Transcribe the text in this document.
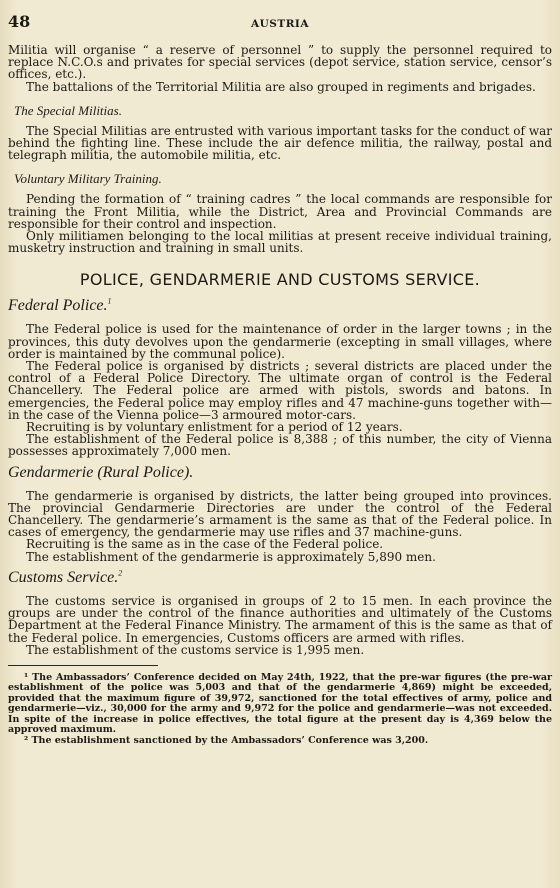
48	AUSTRIA

Militia will organise “ a reserve of personnel ” to supply the personnel required to replace N.C.O.s and privates for special services (depot service, station service, censor’s offices, etc.).

The battalions of the Territorial Militia are also grouped in regiments and brigades.

The Special Militias.

The Special Militias are entrusted with various important tasks for the conduct of war behind the fighting line. These include the air defence militia, the railway, postal and telegraph militia, the automobile militia, etc.

Voluntary Military Training.

Pending the formation of “ training cadres ” the local commands are responsible for training the Front Militia, while the District, Area and Provincial Commands are responsible for their control and inspection.

Only militiamen belonging to the local militias at present receive individual training, musketry instruction and training in small units.

POLICE, GENDARMERIE AND CUSTOMS SERVICE.
Federal Police.$^1$

The Federal police is used for the maintenance of order in the larger towns ; in the provinces, this duty devolves upon the gendarmerie (excepting in small villages, where order is maintained by the communal police).

The Federal police is organised by districts ; several districts are placed under the control of a Federal Police Directory. The ultimate organ of control is the Federal Chancellery. The Federal police are armed with pistols, swords and batons. In emergencies, the Federal police may employ rifles and 47 machine-guns together with—in the case of the Vienna police—3 armoured motor-cars.

Recruiting is by voluntary enlistment for a period of 12 years.

The establishment of the Federal police is 8,388 ; of this number, the city of Vienna possesses approximately 7,000 men.

Gendarmerie (Rural Police).

The gendarmerie is organised by districts, the latter being grouped into provinces. The provincial Gendarmerie Directories are under the control of the Federal Chancellery. The gendarmerie’s armament is the same as that of the Federal police. In cases of emergency, the gendarmerie may use rifles and 37 machine-guns.

Recruiting is the same as in the case of the Federal police.

The establishment of the gendarmerie is approximately 5,890 men.

Customs Service.$^2$

The customs service is organised in groups of 2 to 15 men. In each province the groups are under the control of the finance authorities and ultimately of the Customs Department at the Federal Finance Ministry. The armament of this is the same as that of the Federal police. In emergencies, Customs officers are armed with rifles.

The establishment of the customs service is 1,995 men.

¹ The Ambassadors’ Conference decided on May 24th, 1922, that the pre-war figures (the pre-war establishment of the police was 5,003 and that of the gendarmerie 4,869) might be exceeded, provided that the maximum figure of 39,972, sanctioned for the total effectives of army, police and gendarmerie—viz., 30,000 for the army and 9,972 for the police and gendarmerie—was not exceeded. In spite of the increase in police effectives, the total figure at the present day is 4,369 below the approved maximum.

² The establishment sanctioned by the Ambassadors’ Conference was 3,200.
